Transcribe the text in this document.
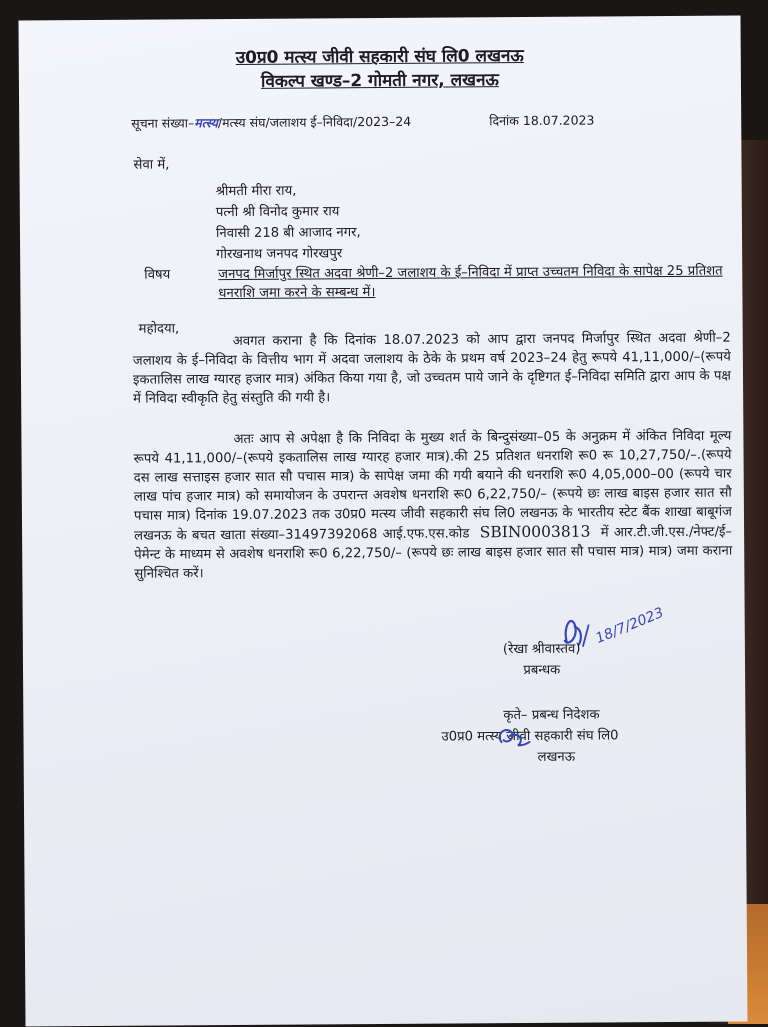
उ0प्र0 मत्स्य जीवी सहकारी संघ लि0 लखनऊ
विकल्प खण्ड–2 गोमती नगर, लखनऊ
सूचना संख्या–मत्स्य/मत्स्य संघ/जलाशय ई–निविदा/2023–24	दिनांक 18.07.2023
सेवा में,
श्रीमती मीरा राय,
पत्नी श्री विनोद कुमार राय
निवासी 218 बी आजाद नगर,
गोरखनाथ जनपद गोरखपुर
विषय	जनपद मिर्जापुर स्थित अदवा श्रेणी–2 जलाशय के ई–निविदा में प्राप्त उच्चतम निविदा के सापेक्ष 25 प्रतिशत धनराशि जमा करने के सम्बन्ध में।
महोदया,

अवगत कराना है कि दिनांक 18.07.2023 को आप द्वारा जनपद मिर्जापुर स्थित अदवा श्रेणी–2 जलाशय के ई–निविदा के वित्तीय भाग में अदवा जलाशय के ठेके के प्रथम वर्ष 2023–24 हेतु रूपये 41,11,000/–(रूपये इकतालिस लाख ग्यारह हजार मात्र) अंकित किया गया है, जो उच्चतम पाये जाने के दृष्टिगत ई–निविदा समिति द्वारा आप के पक्ष में निविदा स्वीकृति हेतु संस्तुति की गयी है।

अतः आप से अपेक्षा है कि निविदा के मुख्य शर्त के बिन्दुसंख्या–05 के अनुक्रम में अंकित निविदा मूल्य रूपये 41,11,000/–(रूपये इकतालिस लाख ग्यारह हजार मात्र).की 25 प्रतिशत धनराशि रू0 रू 10,27,750/–.(रूपये दस लाख सत्ताइस हजार सात सौ पचास मात्र) के सापेक्ष जमा की गयी बयाने की धनराशि रू0 4,05,000–00 (रूपये चार लाख पांच हजार मात्र) को समायोजन के उपरान्त अवशेष धनराशि रू0 6,22,750/– (रूपये छः लाख बाइस हजार सात सौ पचास मात्र) दिनांक 19.07.2023 तक उ0प्र0 मत्स्य जीवी सहकारी संघ लि0 लखनऊ के भारतीय स्टेट बैंक शाखा बाबूगंज लखनऊ के बचत खाता संख्या–31497392068 आई.एफ.एस.कोड SBIN0003813 में आर.टी.जी.एस./नेफ्ट/ई–पेमेन्ट के माध्यम से अवशेष धनराशि रू0 6,22,750/– (रूपये छः लाख बाइस हजार सात सौ पचास मात्र) मात्र) जमा कराना सुनिश्चित करें।

18/7/2023
(रेखा श्रीवास्तव)
प्रबन्धक
कृते– प्रबन्ध निदेशक
उ0प्र0 मत्स्य जीवी सहकारी संघ लि0
लखनऊ
